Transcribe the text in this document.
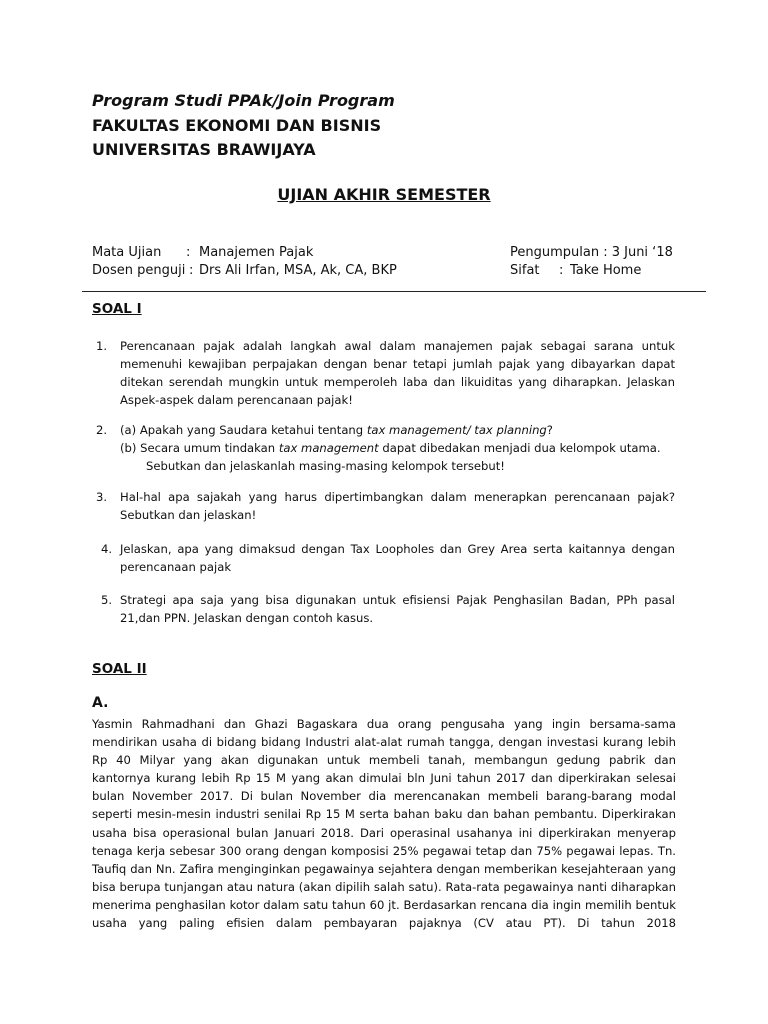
Program Studi PPAk/Join Program
FAKULTAS EKONOMI DAN BISNIS
UNIVERSITAS BRAWIJAYA
UJIAN AKHIR SEMESTER
Mata Ujian : Manajemen Pajak
Dosen penguji : Drs Ali Irfan, MSA, Ak, CA, BKP
Pengumpulan : 3 Juni ‘18
Sifat : Take Home
SOAL I
1. Perencanaan pajak adalah langkah awal dalam manajemen pajak sebagai sarana untuk memenuhi kewajiban perpajakan dengan benar tetapi jumlah pajak yang dibayarkan dapat ditekan serendah mungkin untuk memperoleh laba dan likuiditas yang diharapkan. Jelaskan Aspek-aspek dalam perencanaan pajak!
2. (a) Apakah yang Saudara ketahui tentang tax management/ tax planning?
(b) Secara umum tindakan tax management dapat dibedakan menjadi dua kelompok utama.
Sebutkan dan jelaskanlah masing-masing kelompok tersebut!
3. Hal-hal apa sajakah yang harus dipertimbangkan dalam menerapkan perencanaan pajak? Sebutkan dan jelaskan!
4. Jelaskan, apa yang dimaksud dengan Tax Loopholes dan Grey Area serta kaitannya dengan perencanaan pajak
5. Strategi apa saja yang bisa digunakan untuk efisiensi Pajak Penghasilan Badan, PPh pasal 21,dan PPN. Jelaskan dengan contoh kasus.
SOAL II
A.
Yasmin Rahmadhani dan Ghazi Bagaskara dua orang pengusaha yang ingin bersama-sama mendirikan usaha di bidang bidang Industri alat-alat rumah tangga, dengan investasi kurang lebih Rp 40 Milyar yang akan digunakan untuk membeli tanah, membangun gedung pabrik dan kantornya kurang lebih Rp 15 M yang akan dimulai bln Juni tahun 2017 dan diperkirakan selesai bulan November 2017. Di bulan November dia merencanakan membeli barang-barang modal seperti mesin-mesin industri senilai Rp 15 M serta bahan baku dan bahan pembantu. Diperkirakan usaha bisa operasional bulan Januari 2018. Dari operasinal usahanya ini diperkirakan menyerap tenaga kerja sebesar 300 orang dengan komposisi 25% pegawai tetap dan 75% pegawai lepas. Tn. Taufiq dan Nn. Zafira menginginkan pegawainya sejahtera dengan memberikan kesejahteraan yang bisa berupa tunjangan atau natura (akan dipilih salah satu). Rata-rata pegawainya nanti diharapkan menerima penghasilan kotor dalam satu tahun 60 jt. Berdasarkan rencana dia ingin memilih bentuk usaha yang paling efisien dalam pembayaran pajaknya (CV atau PT). Di tahun 2018
